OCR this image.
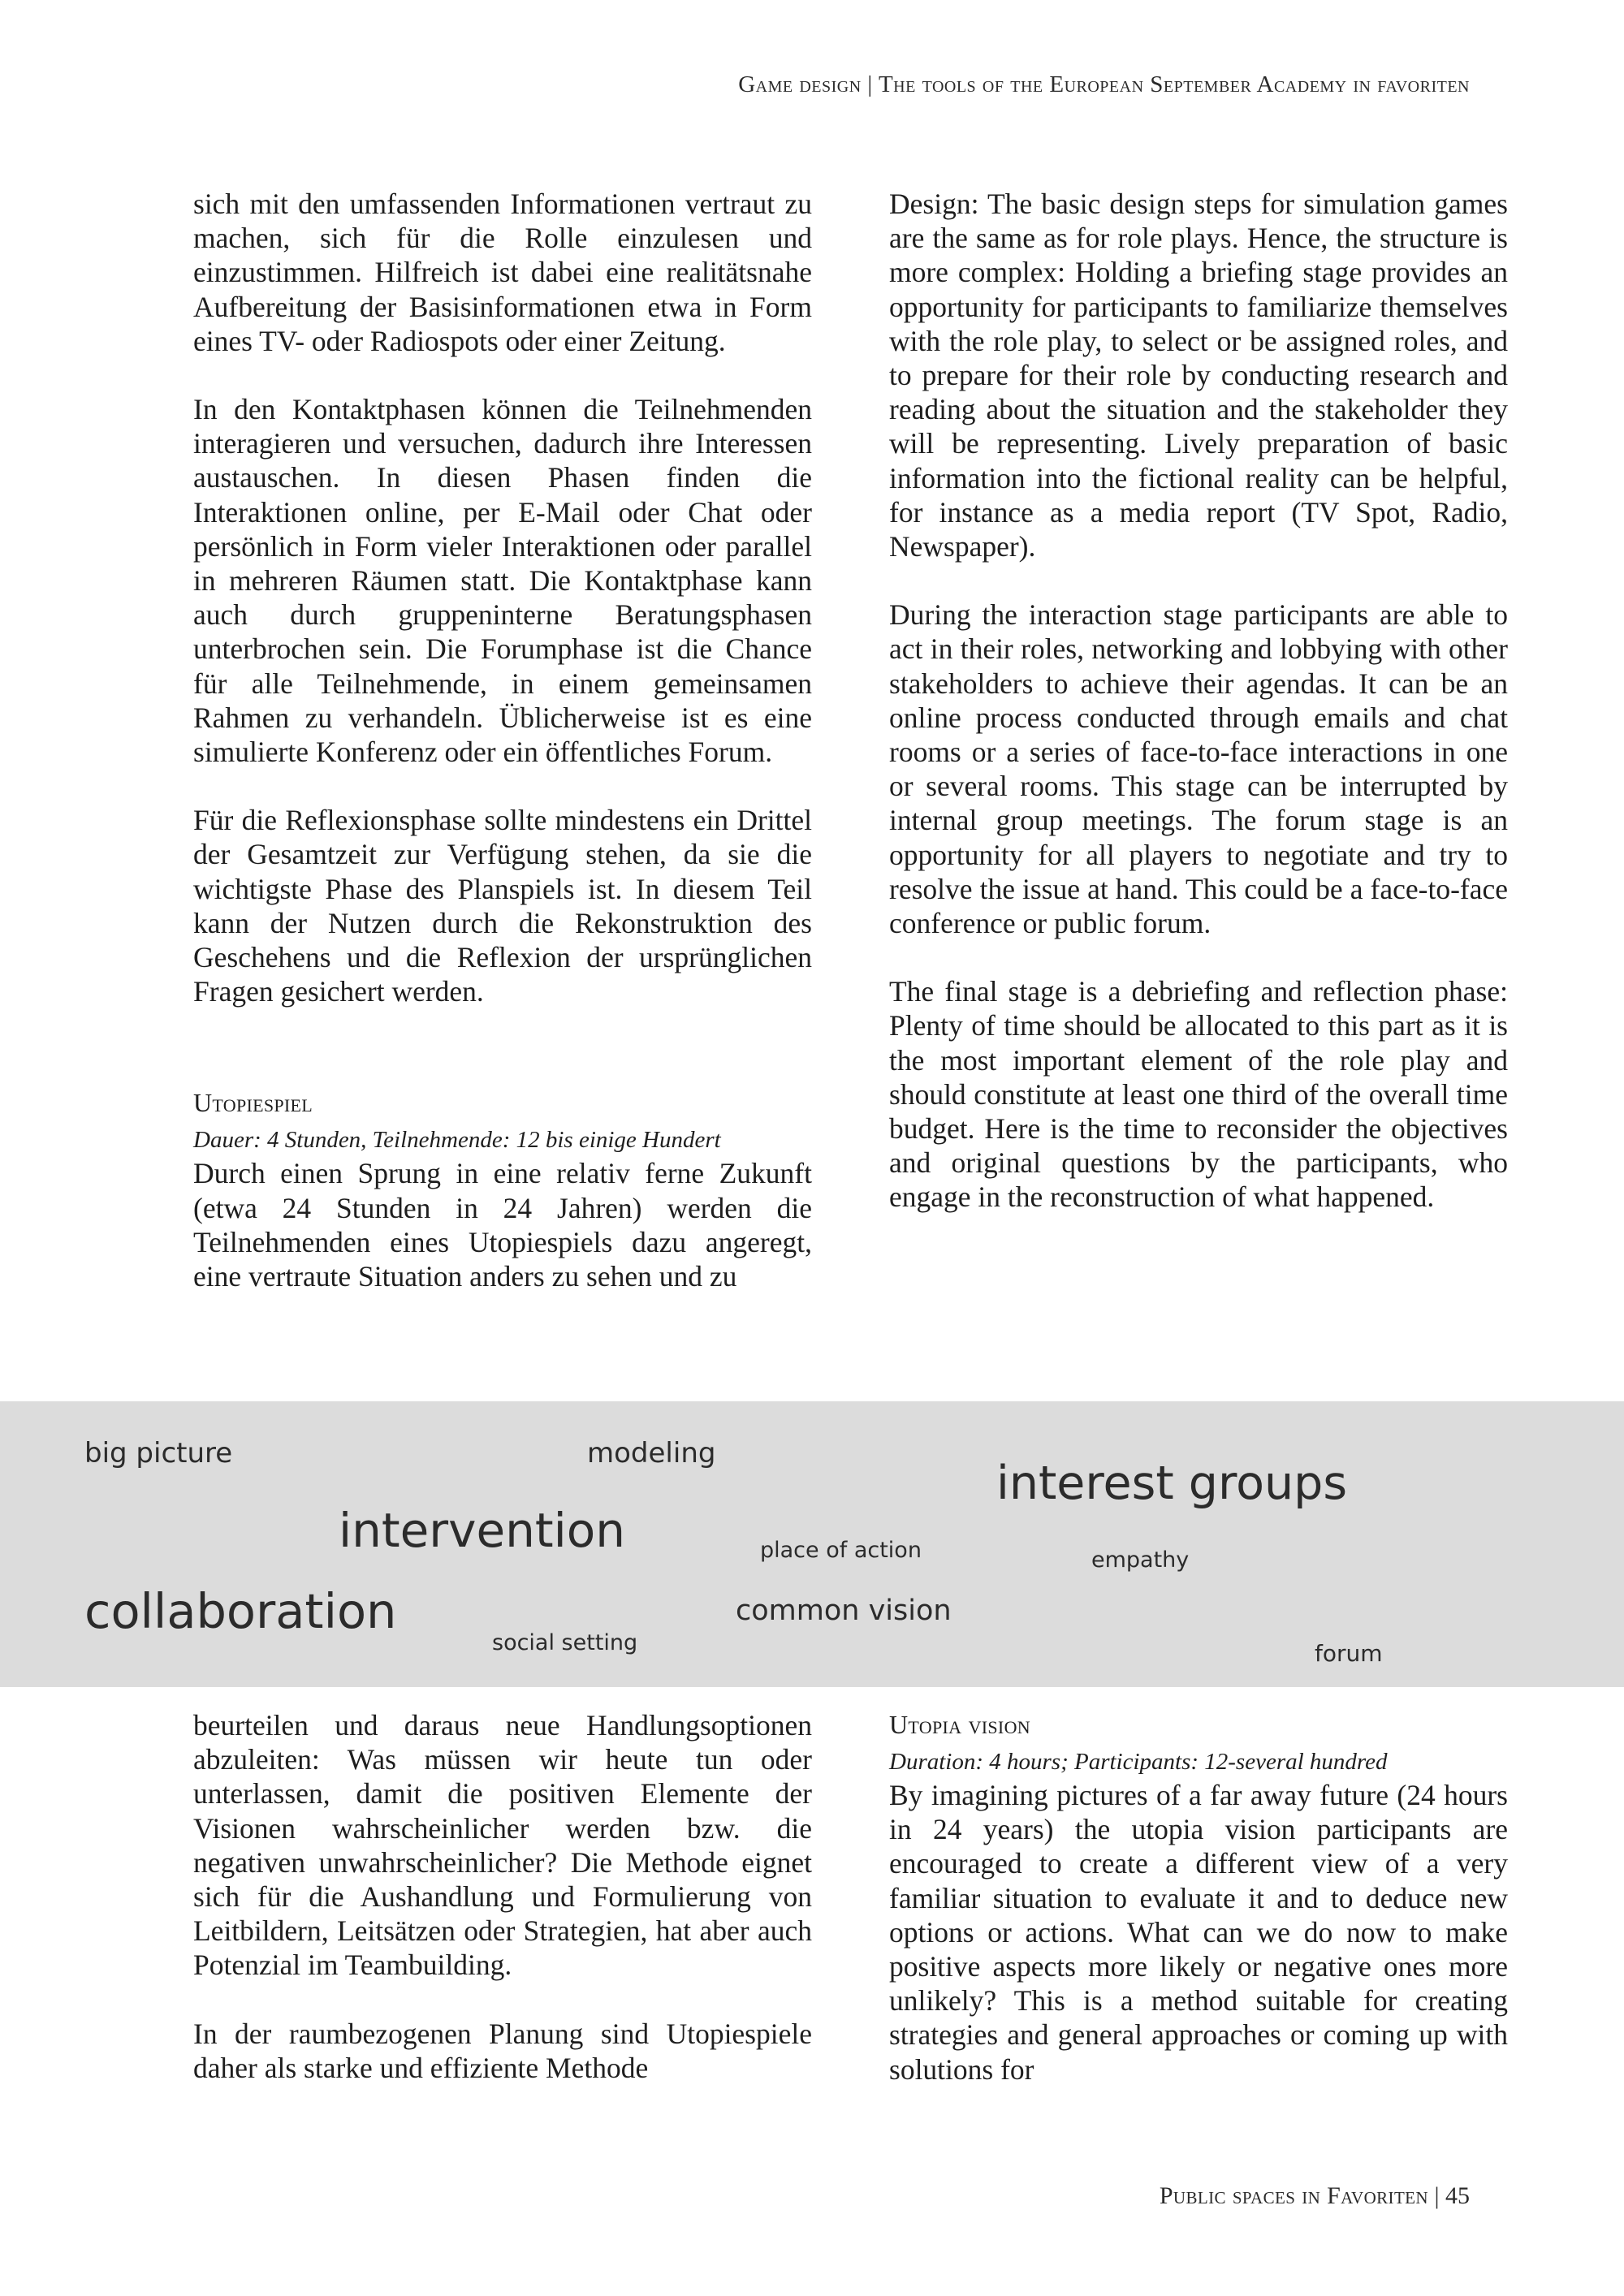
Game design | The tools of the European September Academy in favoriten

sich mit den umfassenden Informationen vertraut zu machen, sich für die Rolle einzulesen und einzustimmen. Hilfreich ist dabei eine realitätsnahe Aufbereitung der Basisinformationen etwa in Form eines TV- oder Radiospots oder einer Zeitung.

In den Kontaktphasen können die Teilnehmenden interagieren und versuchen, dadurch ihre Interessen austauschen. In diesen Phasen finden die Interaktionen online, per E-Mail oder Chat oder persönlich in Form vieler Interaktionen oder parallel in mehreren Räumen statt. Die Kontaktphase kann auch durch gruppeninterne Beratungsphasen unterbrochen sein. Die Forumphase ist die Chance für alle Teilnehmende, in einem gemeinsamen Rahmen zu verhandeln. Üblicherweise ist es eine simulierte Konferenz oder ein öffentliches Forum.

Für die Reflexionsphase sollte mindestens ein Drittel der Gesamtzeit zur Verfügung stehen, da sie die wichtigste Phase des Planspiels ist. In diesem Teil kann der Nutzen durch die Rekonstruktion des Geschehens und die Reflexion der ursprünglichen Fragen gesichert werden.

Utopiespiel
Dauer: 4 Stunden, Teilnehmende: 12 bis einige Hundert

Durch einen Sprung in eine relativ ferne Zukunft (etwa 24 Stunden in 24 Jahren) werden die Teilnehmenden eines Utopiespiels dazu angeregt, eine vertraute Situation anders zu sehen und zu

Design: The basic design steps for simulation games are the same as for role plays. Hence, the structure is more complex: Holding a briefing stage provides an opportunity for participants to familiarize themselves with the role play, to select or be assigned roles, and to prepare for their role by conducting research and reading about the situation and the stakeholder they will be representing. Lively preparation of basic information into the fictional reality can be helpful, for instance as a media report (TV Spot, Radio, Newspaper).

During the interaction stage participants are able to act in their roles, networking and lobbying with other stakeholders to achieve their agendas. It can be an online process conducted through emails and chat rooms or a series of face-to-face interactions in one or several rooms. This stage can be interrupted by internal group meetings. The forum stage is an opportunity for all players to negotiate and try to resolve the issue at hand. This could be a face-to-face conference or public forum.

The final stage is a debriefing and reflection phase: Plenty of time should be allocated to this part as it is the most important element of the role play and should constitute at least one third of the overall time budget. Here is the time to reconsider the objectives and original questions by the participants, who engage in the reconstruction of what happened.

big picture	modeling
interest groups
intervention	place of action	empathy
collaboration	common vision
social setting	forum

beurteilen und daraus neue Handlungsoptionen abzuleiten: Was müssen wir heute tun oder unterlassen, damit die positiven Elemente der Visionen wahrscheinlicher werden bzw. die negativen unwahrscheinlicher? Die Methode eignet sich für die Aushandlung und Formulierung von Leitbildern, Leitsätzen oder Strategien, hat aber auch Potenzial im Teambuilding.

In der raumbezogenen Planung sind Utopiespiele daher als starke und effiziente Methode

Utopia vision
Duration: 4 hours; Participants: 12-several hundred

By imagining pictures of a far away future (24 hours in 24 years) the utopia vision participants are encouraged to create a different view of a very familiar situation to evaluate it and to deduce new options or actions. What can we do now to make positive aspects more likely or negative ones more unlikely? This is a method suitable for creating strategies and general approaches or coming up with solutions for

Public spaces in Favoriten | 45
